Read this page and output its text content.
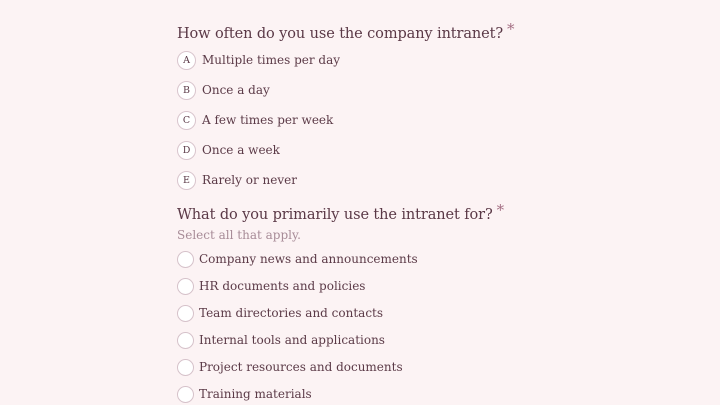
How often do you use the company intranet? *
A	Multiple times per day
B	Once a day
C A few times per week
D Once a week
E	Rarely or never
What do you primarily use the intranet for? *
Select all that apply.
Company news and announcements
HR documents and policies
Team directories and contacts
Internal tools and applications
Project resources and documents
Training materials
